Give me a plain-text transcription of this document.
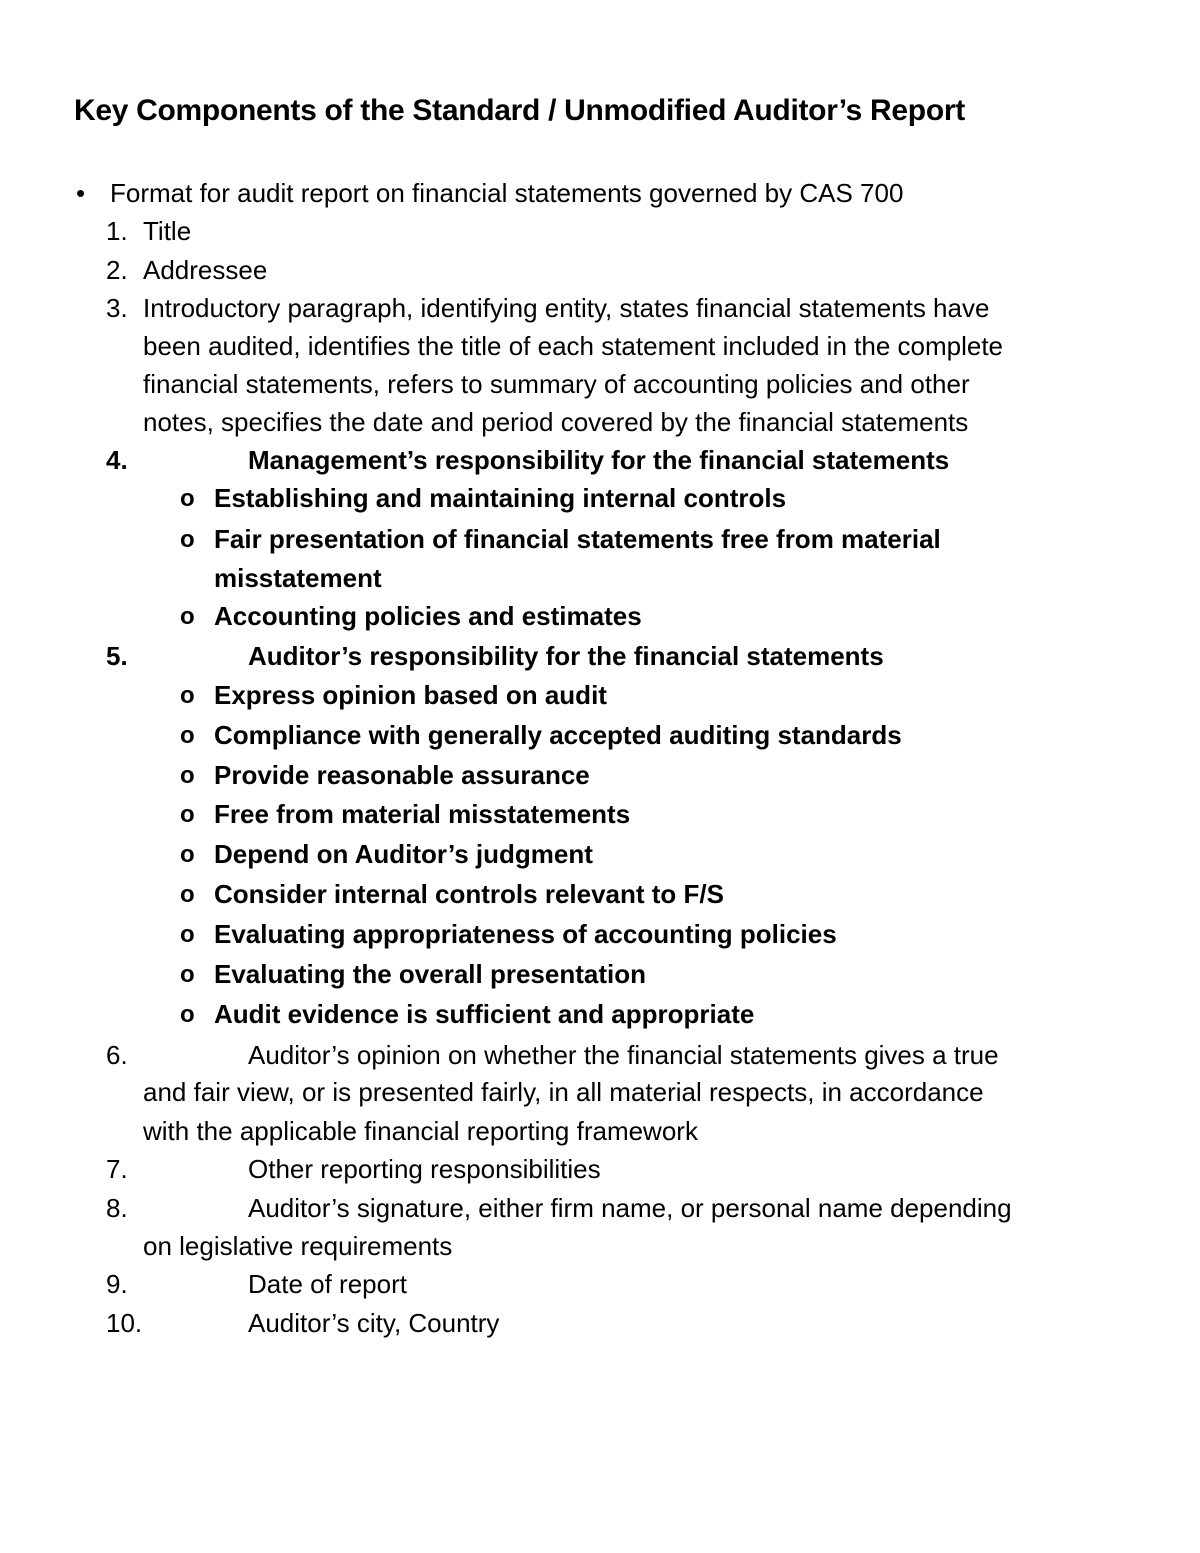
Key Components of the Standard / Unmodified Auditor’s Report
• Format for audit report on financial statements governed by CAS 700
1. Title
2. Addressee
3. Introductory paragraph, identifying entity, states financial statements have
been audited, identifies the title of each statement included in the complete
financial statements, refers to summary of accounting policies and other
notes, specifies the date and period covered by the financial statements
4.	Management’s responsibility for the financial statements
o Establishing and maintaining internal controls
o Fair presentation of financial statements free from material
misstatement
o Accounting policies and estimates
5.	Auditor’s responsibility for the financial statements
o Express opinion based on audit
o Compliance with generally accepted auditing standards
o Provide reasonable assurance
o Free from material misstatements
o Depend on Auditor’s judgment
o Consider internal controls relevant to F/S
o Evaluating appropriateness of accounting policies
o Evaluating the overall presentation
o Audit evidence is sufficient and appropriate
6.	Auditor’s opinion on whether the financial statements gives a true
and fair view, or is presented fairly, in all material respects, in accordance
with the applicable financial reporting framework
7.	Other reporting responsibilities
8.	Auditor’s signature, either firm name, or personal name depending
on legislative requirements
9.	Date of report
10.	Auditor’s city, Country
